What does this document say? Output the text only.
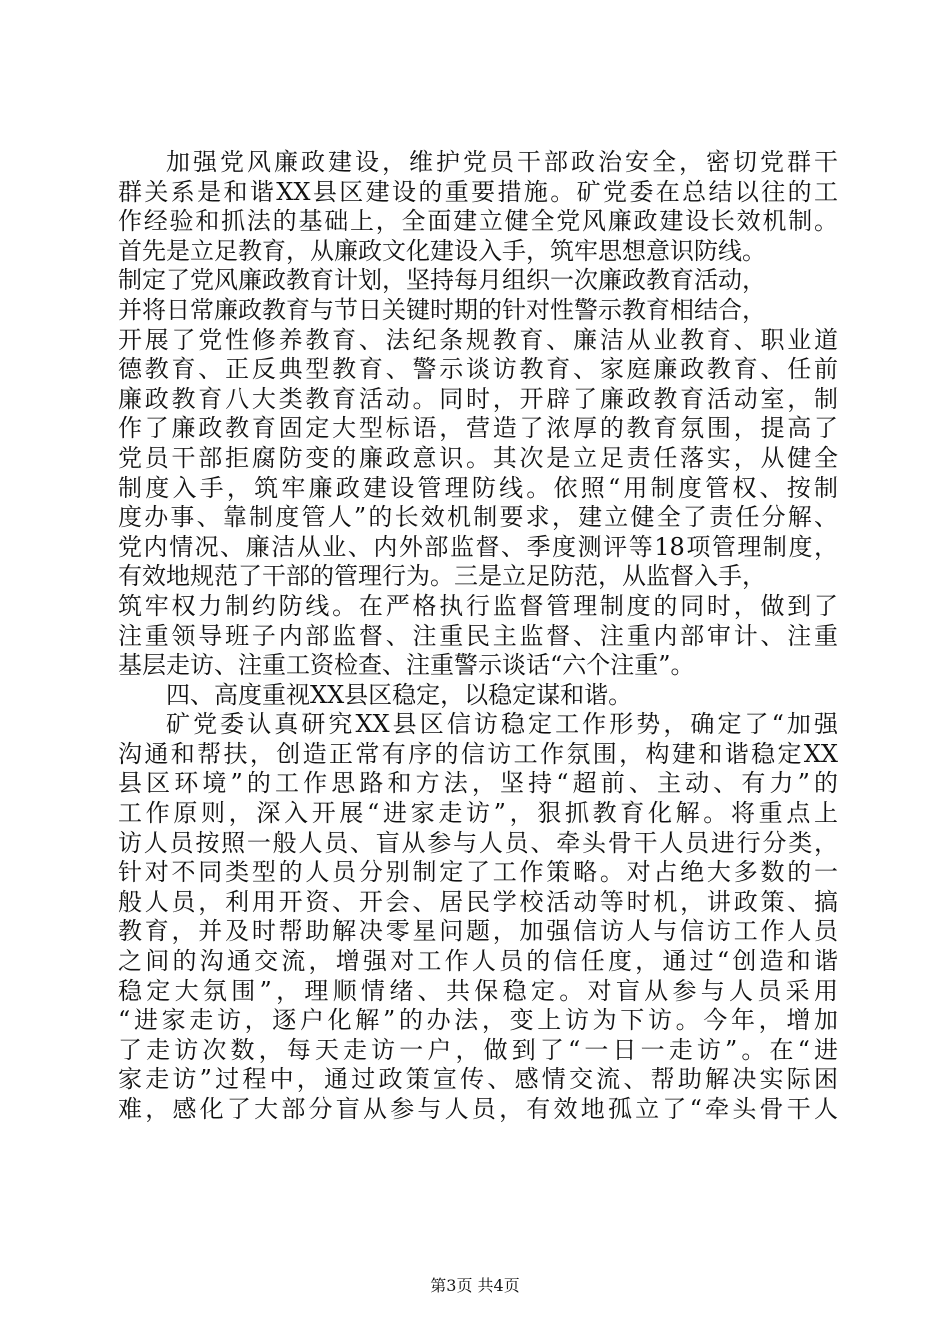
加强党风廉政建设，维护党员干部政治安全，密切党群干
群关系是和谐XX县区建设的重要措施。矿党委在总结以往的工
作经验和抓法的基础上，全面建立健全党风廉政建设长效机制。
首先是立足教育，从廉政文化建设入手，筑牢思想意识防线。
制定了党风廉政教育计划，坚持每月组织一次廉政教育活动，
并将日常廉政教育与节日关键时期的针对性警示教育相结合，
开展了党性修养教育、法纪条规教育、廉洁从业教育、职业道
德教育、正反典型教育、警示谈访教育、家庭廉政教育、任前
廉政教育八大类教育活动。同时，开辟了廉政教育活动室，制
作了廉政教育固定大型标语，营造了浓厚的教育氛围，提高了
党员干部拒腐防变的廉政意识。其次是立足责任落实，从健全
制度入手，筑牢廉政建设管理防线。依照“用制度管权、按制
度办事、靠制度管人”的长效机制要求，建立健全了责任分解、
党内情况、廉洁从业、内外部监督、季度测评等18项管理制度，
有效地规范了干部的管理行为。三是立足防范，从监督入手，
筑牢权力制约防线。在严格执行监督管理制度的同时，做到了
注重领导班子内部监督、注重民主监督、注重内部审计、注重
基层走访、注重工资检查、注重警示谈话“六个注重”。
四、高度重视XX县区稳定，以稳定谋和谐。
矿党委认真研究XX县区信访稳定工作形势，确定了“加强
沟通和帮扶，创造正常有序的信访工作氛围，构建和谐稳定XX
县区环境”的工作思路和方法，坚持“超前、主动、有力”的
工作原则，深入开展“进家走访”，狠抓教育化解。将重点上
访人员按照一般人员、盲从参与人员、牵头骨干人员进行分类，
针对不同类型的人员分别制定了工作策略。对占绝大多数的一
般人员，利用开资、开会、居民学校活动等时机，讲政策、搞
教育，并及时帮助解决零星问题，加强信访人与信访工作人员
之间的沟通交流，增强对工作人员的信任度，通过“创造和谐
稳定大氛围”，理顺情绪、共保稳定。对盲从参与人员采用
“进家走访，逐户化解”的办法，变上访为下访。今年，增加
了走访次数，每天走访一户，做到了“一日一走访”。在“进
家走访”过程中，通过政策宣传、感情交流、帮助解决实际困
难，感化了大部分盲从参与人员，有效地孤立了“牵头骨干人
第3页 共4页
